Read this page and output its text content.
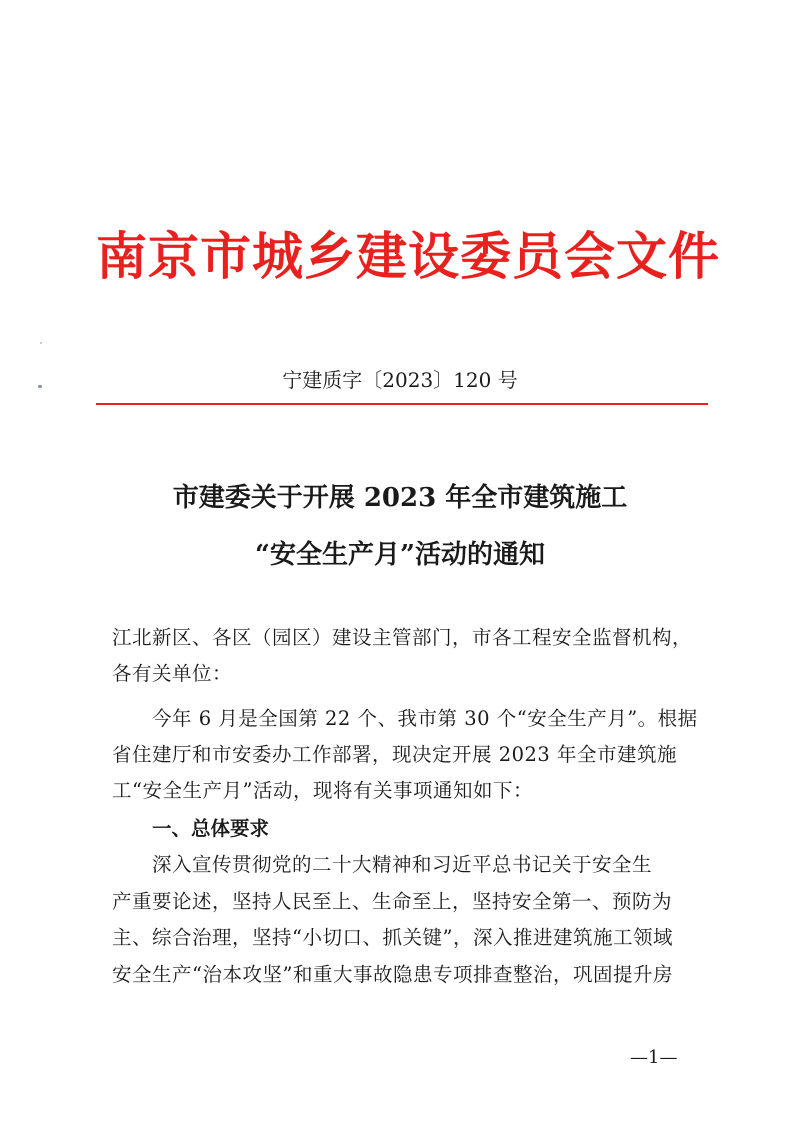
南京市城乡建设委员会文件
宁建质字〔2023〕120 号
市建委关于开展 2023 年全市建筑施工
“安全生产月”活动的通知
江北新区、各区（园区）建设主管部门，市各工程安全监督机构，
各有关单位：
今年 6 月是全国第 22 个、我市第 30 个“安全生产月”。根据
省住建厅和市安委办工作部署，现决定开展 2023 年全市建筑施
工“安全生产月”活动，现将有关事项通知如下：
一、总体要求
深入宣传贯彻党的二十大精神和习近平总书记关于安全生
产重要论述，坚持人民至上、生命至上，坚持安全第一、预防为
主、综合治理，坚持“小切口、抓关键”，深入推进建筑施工领域
安全生产“治本攻坚”和重大事故隐患专项排查整治，巩固提升房
—1—
